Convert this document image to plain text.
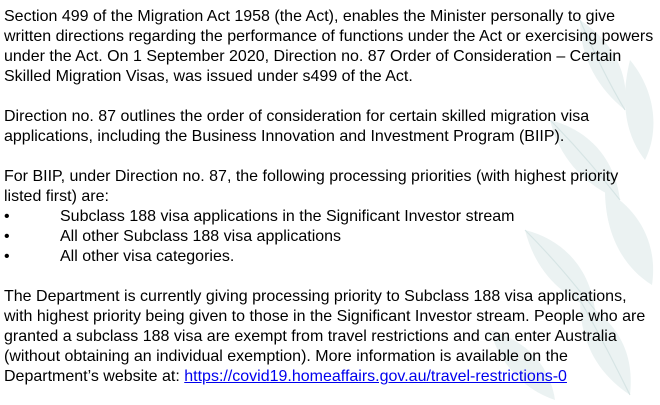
Section 499 of the Migration Act 1958 (the Act), enables the Minister personally to give written directions regarding the performance of functions under the Act or exercising powers under the Act. On 1 September 2020, Direction no. 87 Order of Consideration – Certain Skilled Migration Visas, was issued under s499 of the Act.

Direction no. 87 outlines the order of consideration for certain skilled migration visa applications, including the Business Innovation and Investment Program (BIIP).

For BIIP, under Direction no. 87, the following processing priorities (with highest priority listed first) are:

•	Subclass 188 visa applications in the Significant Investor stream
•	All other Subclass 188 visa applications
•	All other visa categories.

The Department is currently giving processing priority to Subclass 188 visa applications, with highest priority being given to those in the Significant Investor stream. People who are granted a subclass 188 visa are exempt from travel restrictions and can enter Australia (without obtaining an individual exemption). More information is available on the Department’s website at: https://covid19.homeaffairs.gov.au/travel-restrictions-0
